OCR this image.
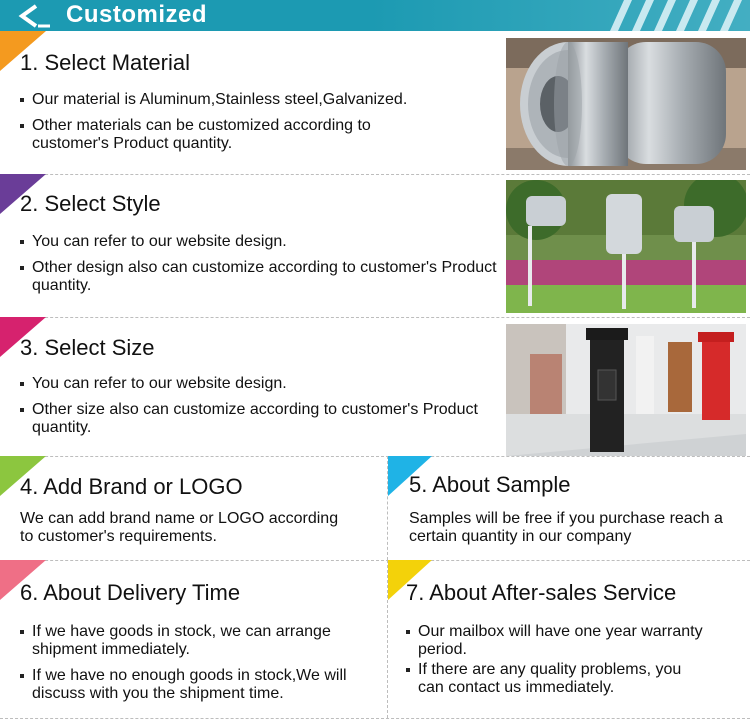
Customized
1. Select Material
Our material is Aluminum,Stainless steel,Galvanized.
Other materials can be customized according to customer's Product quantity.
2. Select Style
You can refer to our website design.
Other design also can customize according to customer's Product quantity.
3. Select Size
You can refer to our website design.
Other size also can customize according to customer's Product quantity.
4. Add Brand or LOGO
We can add brand name or LOGO according to customer's requirements.
5. About Sample
Samples will be free if you purchase reach a certain quantity in our company
6. About Delivery Time
If we have goods in stock, we can arrange shipment immediately.
If we have no enough goods in stock,We will discuss with you the shipment time.
7. About After-sales Service
Our mailbox will have one year warranty period.
If there are any quality problems, you can contact us immediately.
